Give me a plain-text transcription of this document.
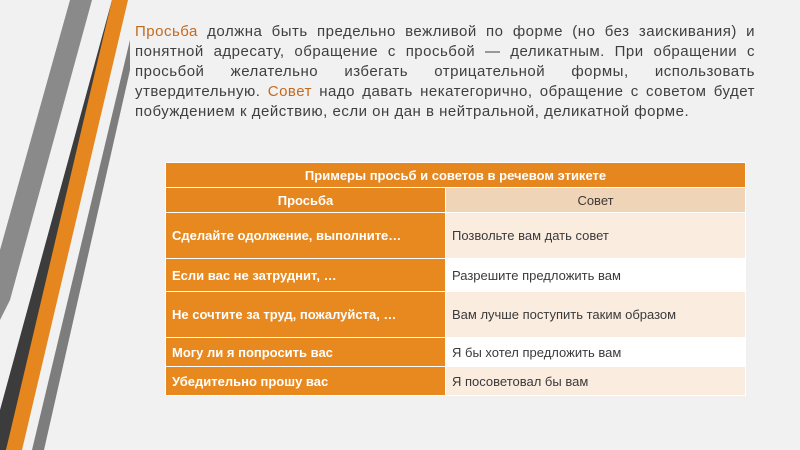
Просьба должна быть предельно вежливой по форме (но без заискивания) и понятной адресату, обращение с просьбой — деликатным. При обращении с просьбой желательно избегать отрицательной формы, использовать утвердительную. Совет надо давать некатегорично, обращение с советом будет побуждением к действию, если он дан в нейтральной, деликатной форме.
Примеры просьб и советов в речевом этикете	
Просьба	Совет
Сделайте одолжение, выполните…	Позвольте вам дать совет
Если вас не затруднит, …	Разрешите предложить вам
Не сочтите за труд, пожалуйста, …	Вам лучше поступить таким образом
Могу ли я попросить вас	Я бы хотел предложить вам
Убедительно прошу вас	Я посоветовал бы вам
